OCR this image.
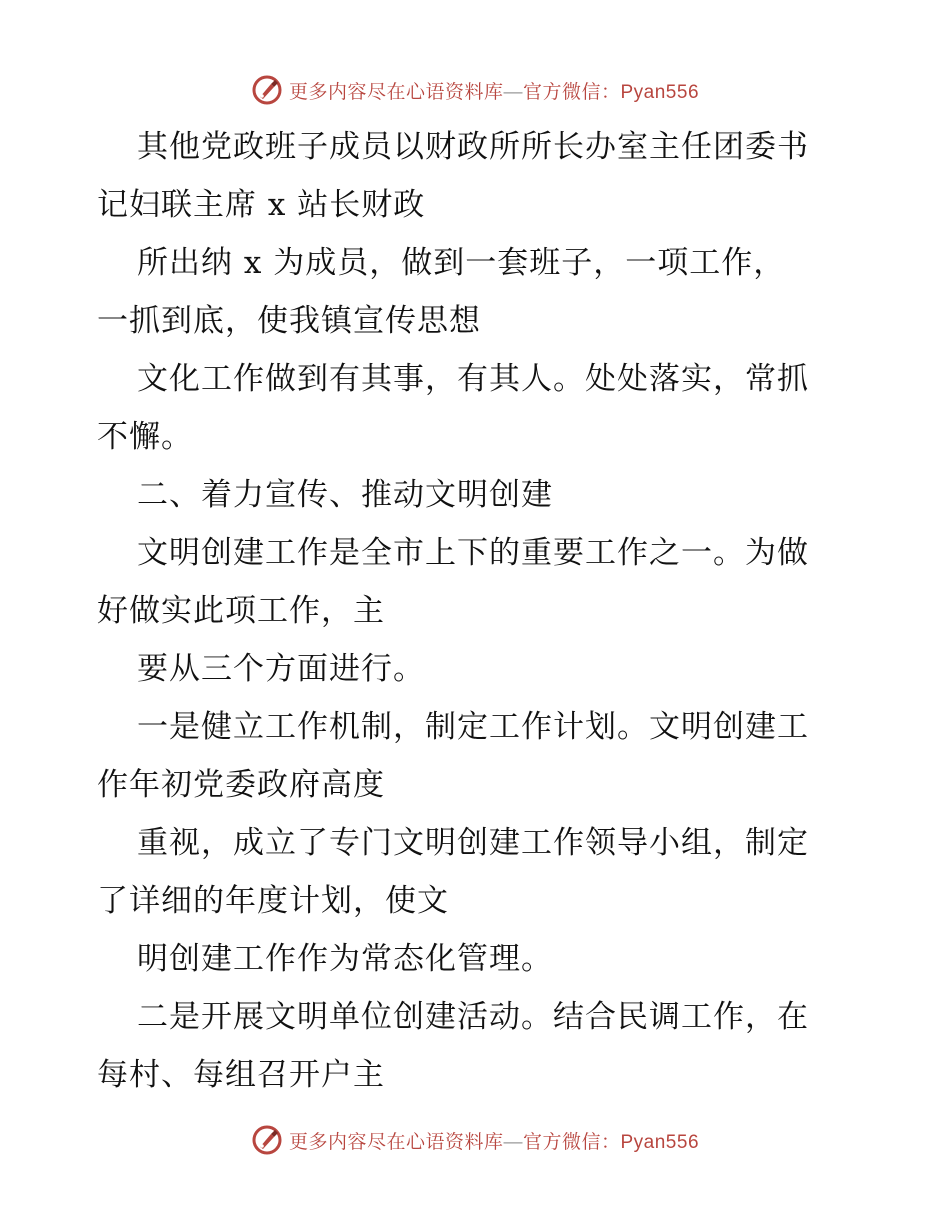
更多内容尽在心语资料库—官方微信：Pyan556
其他党政班子成员以财政所所长办室主任团委书
记妇联主席 x 站长财政
所出纳 x 为成员，做到一套班子，一项工作，
一抓到底，使我镇宣传思想
文化工作做到有其事，有其人。处处落实，常抓
不懈。
二、着力宣传、推动文明创建
文明创建工作是全市上下的重要工作之一。为做
好做实此项工作，主
要从三个方面进行。
一是健立工作机制，制定工作计划。文明创建工
作年初党委政府高度
重视，成立了专门文明创建工作领导小组，制定
了详细的年度计划，使文
明创建工作作为常态化管理。
二是开展文明单位创建活动。结合民调工作，在
每村、每组召开户主
更多内容尽在心语资料库—官方微信：Pyan556
